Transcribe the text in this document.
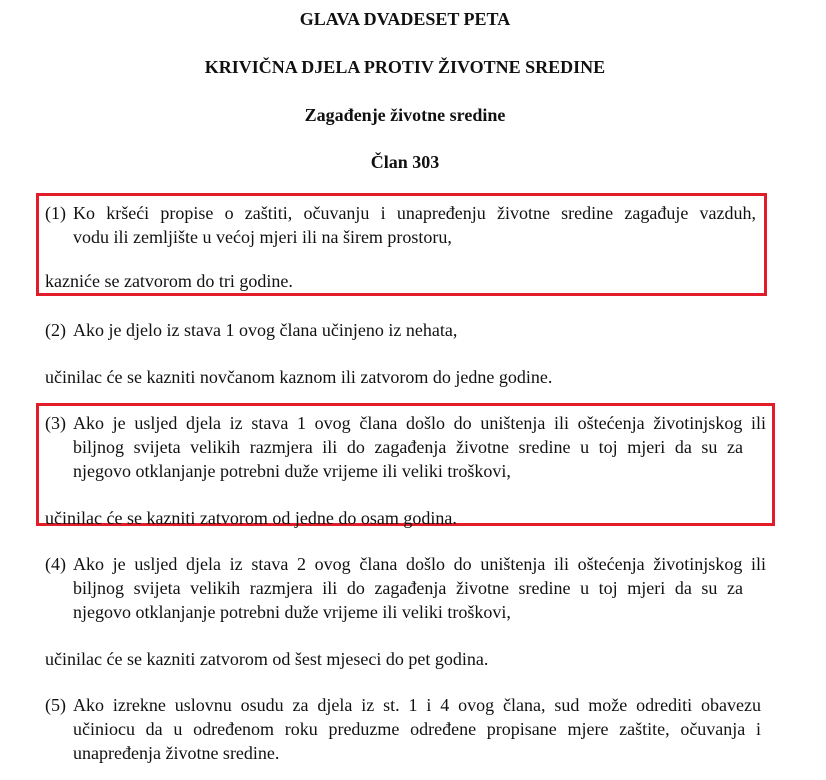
GLAVA DVADESET PETA
KRIVIČNA DJELA PROTIV ŽIVOTNE SREDINE
Zagađenje životne sredine
Član 303

(1) Ko kršeći propise o zaštiti, očuvanju i unapređenju životne sredine zagađuje vazduh,

vodu ili zemljište u većoj mjeri ili na širem prostoru,

kazniće se zatvorom do tri godine.

(2) Ako je djelo iz stava 1 ovog člana učinjeno iz nehata,

učinilac će se kazniti novčanom kaznom ili zatvorom do jedne godine.

(3) Ako je usljed djela iz stava 1 ovog člana došlo do uništenja ili oštećenja životinjskog ili

biljnog svijeta velikih razmjera ili do zagađenja životne sredine u toj mjeri da su za

njegovo otklanjanje potrebni duže vrijeme ili veliki troškovi,

učinilac će se kazniti zatvorom od jedne do osam godina.

(4) Ako je usljed djela iz stava 2 ovog člana došlo do uništenja ili oštećenja životinjskog ili

biljnog svijeta velikih razmjera ili do zagađenja životne sredine u toj mjeri da su za

njegovo otklanjanje potrebni duže vrijeme ili veliki troškovi,

učinilac će se kazniti zatvorom od šest mjeseci do pet godina.

(5) Ako izrekne uslovnu osudu za djela iz st. 1 i 4 ovog člana, sud može odrediti obavezu

učiniocu da u određenom roku preduzme određene propisane mjere zaštite, očuvanja i

unapređenja životne sredine.
